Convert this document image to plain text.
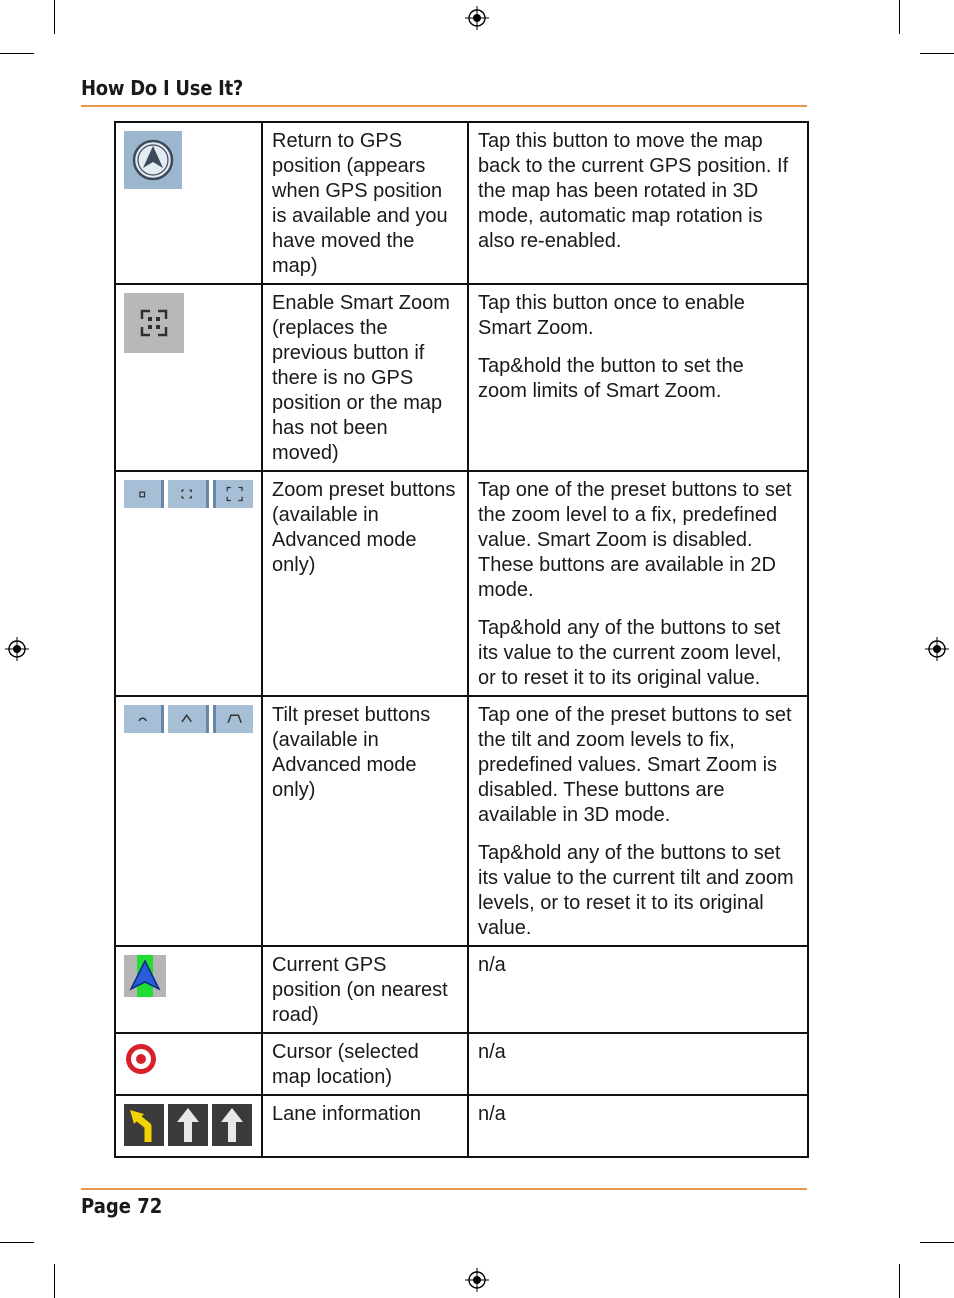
How Do I Use It?

Return to GPS position (appears when GPS position is available and you have moved the map)	Tap this button to move the map back to the current GPS position. If the map has been rotated in 3D mode, automatic map rotation is also re-enabled.

Enable Smart Zoom (replaces the previous button if there is no GPS position or the map has not been moved)	Tap this button once to enable Smart Zoom.

Tap&hold the button to set the zoom limits of Smart Zoom.

Zoom preset buttons (available in Advanced mode only)	Tap one of the preset buttons to set the zoom level to a fix, predefined value. Smart Zoom is disabled. These buttons are available in 2D mode.

Tap&hold any of the buttons to set its value to the current zoom level, or to reset it to its original value.

Tilt preset buttons (available in Advanced mode only)	Tap one of the preset buttons to set the tilt and zoom levels to fix, predefined values. Smart Zoom is disabled. These buttons are available in 3D mode.

Tap&hold any of the buttons to set its value to the current tilt and zoom levels, or to reset it to its original value.

Current GPS position (on nearest road)	n/a

Cursor (selected map location)	n/a

Lane information	n/a

Page 72
